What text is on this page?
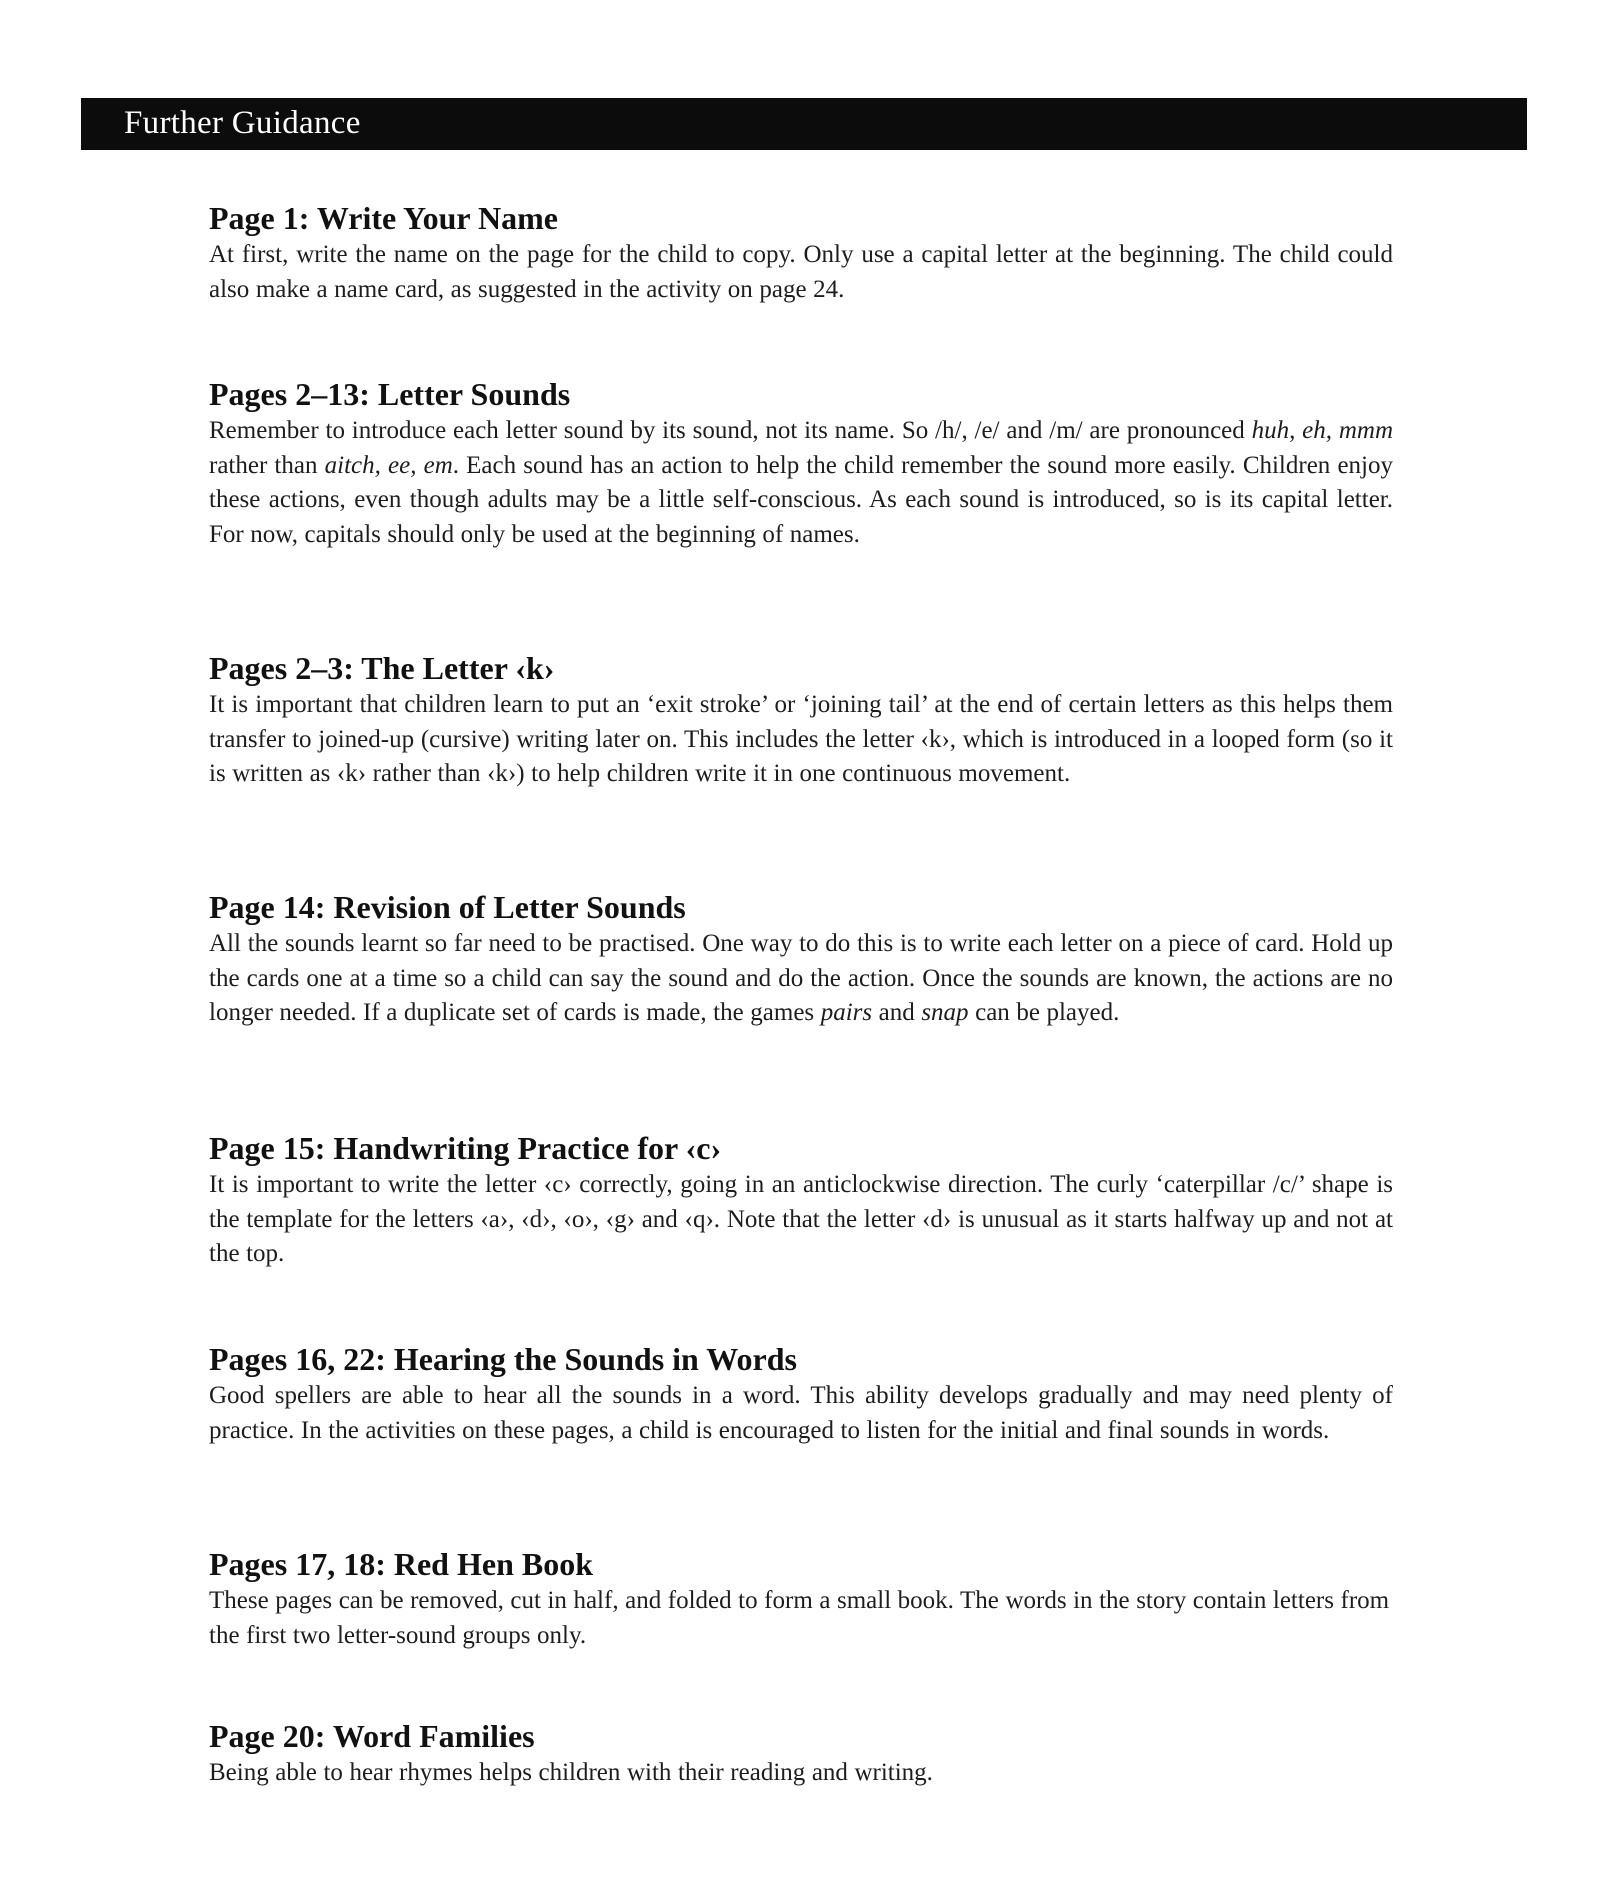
Further Guidance
Page 1: Write Your Name

At first, write the name on the page for the child to copy. Only use a capital letter at the beginning. The child could also make a name card, as suggested in the activity on page 24.

Pages 2–13: Letter Sounds

Remember to introduce each letter sound by its sound, not its name. So /h/, /e/ and /m/ are pronounced huh, eh, mmm rather than aitch, ee, em. Each sound has an action to help the child remember the sound more easily. Children enjoy these actions, even though adults may be a little self-conscious. As each sound is introduced, so is its capital letter. For now, capitals should only be used at the beginning of names.

Pages 2–3: The Letter ‹k›

It is important that children learn to put an ‘exit stroke’ or ‘joining tail’ at the end of certain letters as this helps them transfer to joined-up (cursive) writing later on. This includes the letter ‹k›, which is introduced in a looped form (so it is written as ‹k› rather than ‹k›) to help children write it in one continuous movement.

Page 14: Revision of Letter Sounds

All the sounds learnt so far need to be practised. One way to do this is to write each letter on a piece of card. Hold up the cards one at a time so a child can say the sound and do the action. Once the sounds are known, the actions are no longer needed. If a duplicate set of cards is made, the games pairs and snap can be played.

Page 15: Handwriting Practice for ‹c›

It is important to write the letter ‹c› correctly, going in an anticlockwise direction. The curly ‘caterpillar /c/’ shape is the template for the letters ‹a›, ‹d›, ‹o›, ‹g› and ‹q›. Note that the letter ‹d› is unusual as it starts halfway up and not at the top.

Pages 16, 22: Hearing the Sounds in Words

Good spellers are able to hear all the sounds in a word. This ability develops gradually and may need plenty of practice. In the activities on these pages, a child is encouraged to listen for the initial and final sounds in words.

Pages 17, 18: Red Hen Book

These pages can be removed, cut in half, and folded to form a small book. The words in the story contain letters from the first two letter-sound groups only.

Page 20: Word Families

Being able to hear rhymes helps children with their reading and writing.
